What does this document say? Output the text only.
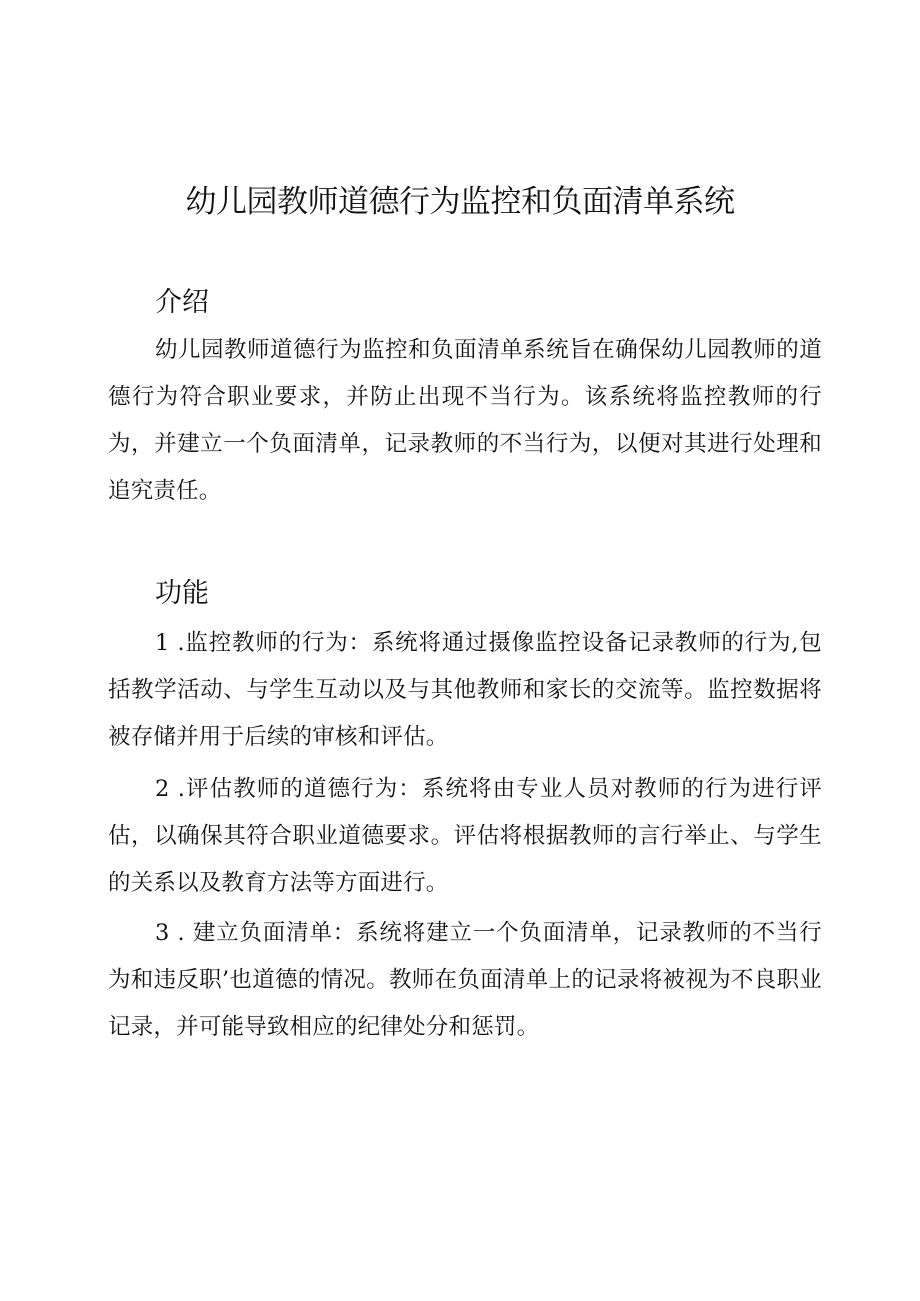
幼儿园教师道德行为监控和负面清单系统
介绍

幼儿园教师道德行为监控和负面清单系统旨在确保幼儿园教师的道德行为符合职业要求，并防止出现不当行为。该系统将监控教师的行为，并建立一个负面清单，记录教师的不当行为，以便对其进行处理和追究责任。

功能

1 .监控教师的行为：系统将通过摄像监控设备记录教师的行为,包括教学活动、与学生互动以及与其他教师和家长的交流等。监控数据将被存储并用于后续的审核和评估。

2 .评估教师的道德行为：系统将由专业人员对教师的行为进行评估，以确保其符合职业道德要求。评估将根据教师的言行举止、与学生的关系以及教育方法等方面进行。

3 . 建立负面清单：系统将建立一个负面清单，记录教师的不当行为和违反职’也道德的情况。教师在负面清单上的记录将被视为不良职业记录，并可能导致相应的纪律处分和惩罚。
